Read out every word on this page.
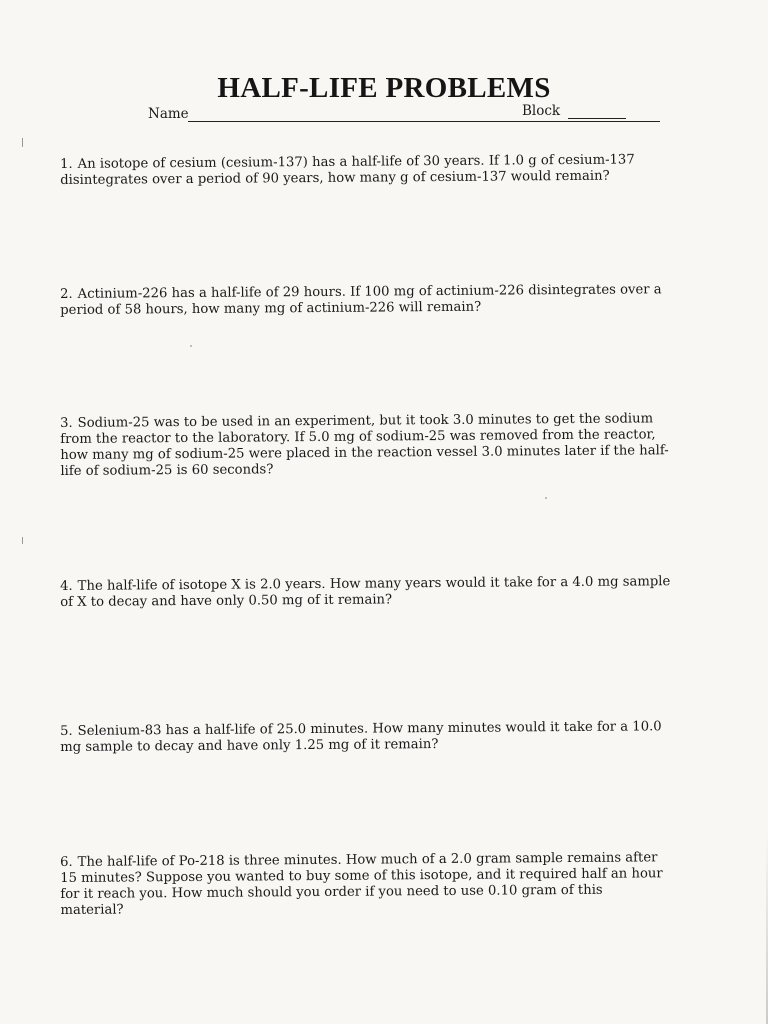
HALF-LIFE PROBLEMS
Name	Block
1. An isotope of cesium (cesium-137) has a half-life of 30 years. If 1.0 g of cesium-137
disintegrates over a period of 90 years, how many g of cesium-137 would remain?
2. Actinium-226 has a half-life of 29 hours. If 100 mg of actinium-226 disintegrates over a
period of 58 hours, how many mg of actinium-226 will remain?
3. Sodium-25 was to be used in an experiment, but it took 3.0 minutes to get the sodium
from the reactor to the laboratory. If 5.0 mg of sodium-25 was removed from the reactor,
how many mg of sodium-25 were placed in the reaction vessel 3.0 minutes later if the half-
life of sodium-25 is 60 seconds?
4. The half-life of isotope X is 2.0 years. How many years would it take for a 4.0 mg sample
of X to decay and have only 0.50 mg of it remain?
5. Selenium-83 has a half-life of 25.0 minutes. How many minutes would it take for a 10.0
mg sample to decay and have only 1.25 mg of it remain?
6. The half-life of Po-218 is three minutes. How much of a 2.0 gram sample remains after
15 minutes? Suppose you wanted to buy some of this isotope, and it required half an hour
for it reach you. How much should you order if you need to use 0.10 gram of this
material?
